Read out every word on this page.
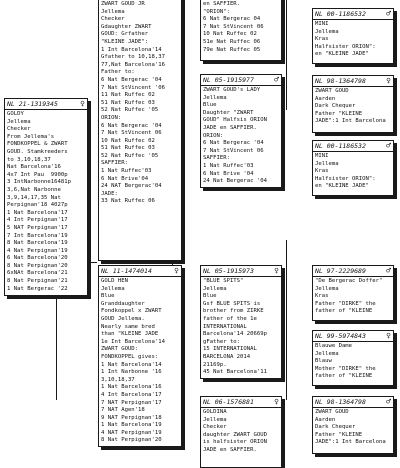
ZWART GOUD JR
Jellema
Checker
Gdaughter ZWART
GOUD: Grfather
"KLEINE JADE":
1 Int Barcelona'14
Gfather to 10,18,37
77,Nat Barcelona'16
Father to:
6 Nat Bergerac '04
7 Nat StVincent '06
11 Nat Ruffec 02
51 Nat Ruffec 03
52 Nat Ruffec '05
ORION:
6 Nat Bergerac '04
7 Nat StVincent 06
10 Nat Ruffec 02
51 Nat Ruffec 03
52 Nat Ruffec '05
SAFFIER:
1 Nat Ruffec'03
6 Nat Brive'04
24 NAT Bergerac'04
JADE:
33 Nat Ruffec 06
en SAFFIER.
"ORION":
6 Nat Bergerac 04
7 Nat StVincent 06
10 Nat Ruffec 02
51e Nat Ruffec 06
79e Nat Ruffec 05
NL 00-1186532	♂
MINI
Jellema
Kras
Halfsister ORION":
en "KLEINE JADE"
NL 05-1915977	♂
ZWART GOUD's LADY
Jellema
Blue
Daughter "ZWART
GOUD" Halfsis ORION
JADE en SAFFIER.
ORION:
6 Nat Bergerac '04
7 Nat StVincent 06
SAFFIER:
1 Nat Ruffec'03
6 Nat Brive '04
24 Nat Bergerac '04
NL 98-1364798	♀
ZWART GOUD
Aarden
Dark Chequer
Father "KLEINE
JADE":1 Int Barcelona
NL 00-1186532	♂
MINI
Jellema
Kras
Halfsister ORION":
en "KLEINE JADE"
NL 21-1319345	♀
GOLDY
Jellema
Checker
From Jellema's
FONDKOPPEL & ZWART
GOUD. Stamkreeders
to 3,10,18,37
Nat Barcelona'16
4x7 Int Pau  9900p
3 IntNarbonne16481p
3,6,Nat Narbonne
3,9,14,17,35 Nat
Perpignan'18 4027p
1 Nat Barcelona'17
4 Int Perpignan'17
5 NAT Perpignan'17
7 Int Barcelona'19
8 Nat Barcelona'19
4 Nat Perpignan'19
6 Nat Barcelona'20
8 Nat Perpignan'20
6xNAt Barcelona'21
8 Nat Perpignan'21
1 Nat Bergerac '22
NL 11-1474014	♀
GOLD HEN
Jellema
Blue
Granddaughter
Fondkoppel x ZWART
GOUD Jellema.
Nearly same bred
than "KLEINE JADE
1e Int Barcelona'14
ZWART GOUD:
FONDKOPPEL gives:
1 Nat Barcelona'14
1 Int Narbonne '16
3,10,18,37
1 Nat Barcelona'16
4 Int Barcelona'17
7 NAT Perpignan'17
7 NAT Agen'18
9 NAT Perpignan'18
1 Nat Barcelona'19
4 NAT Perpignan'19
8 Nat Perpignan'20
NL 05-1915973	♀
"BLUE SPITS"
Jellema
Blue
Gsf BLUE SPITS is
brother from ZIRKE
father of the 1e
INTERNATIONAL
Barcelona'14 20669p
gFather to:
15 INTERNATIONAL
BARCELONA 2014
21169p.
45 Nat Barcelona'11
NL 97-2229689	♂
"De Bergerac Doffer"
Jellema
Kras
Father "DIRKE" the
father of "KLEINE
NL 99-5974843	♀
Blauwe Dame
Jellema
Blauw
Mother "DIRKE" the
father of "KLEINE
NL 06-1576881	♀
GOLDINA
Jellema
Checker
daughter ZWART GOUD
is halfsister ORION
JADE en SAFFIER.
NL 98-1364798	♂
ZWART GOUD
Aarden
Dark Chequer
Father "KLEINE
JADE":1 Int Barcelona
